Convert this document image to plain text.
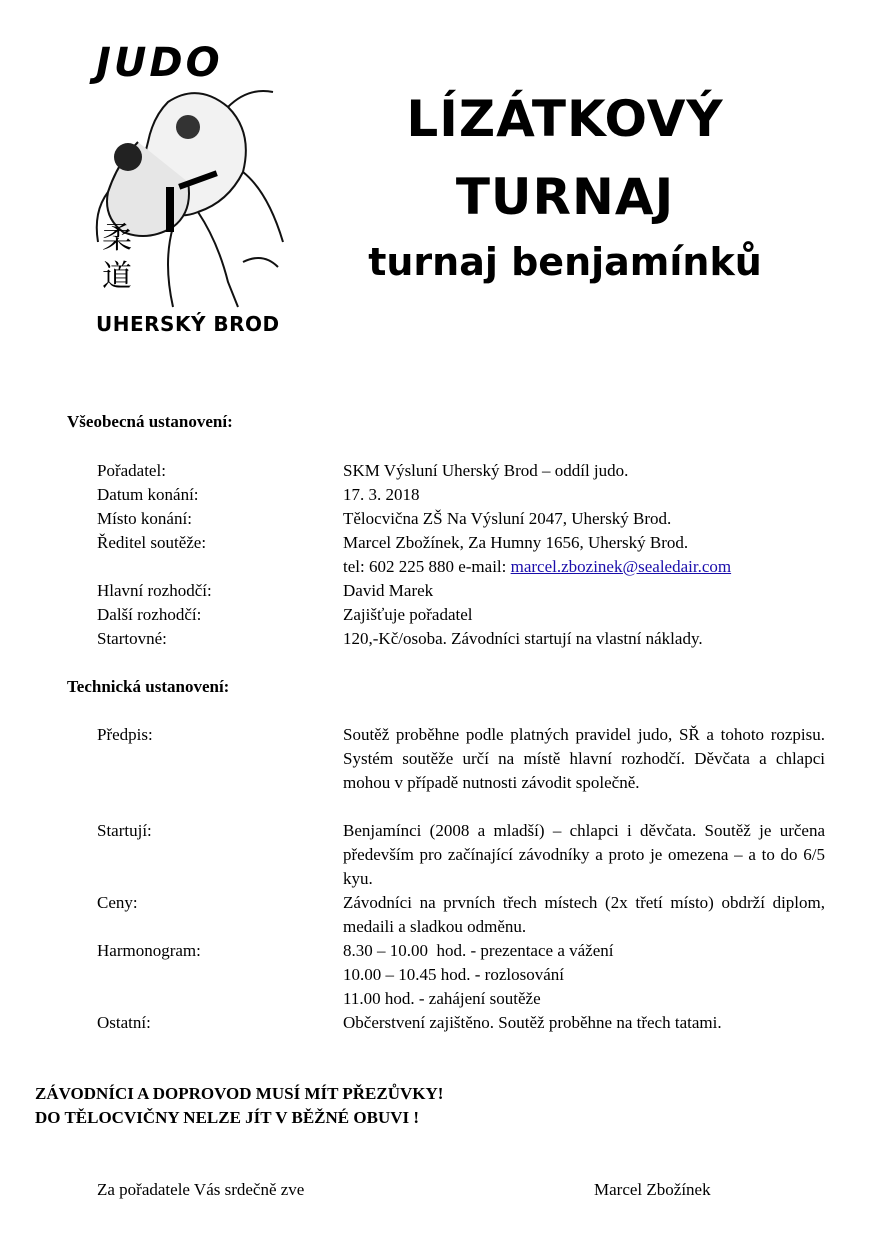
JUDO
柔
道
UHERSKÝ BROD
LÍZÁTKOVÝ
TURNAJ
turnaj benjamínků
Všeobecná ustanovení:
Pořadatel:	SKM Výsluní Uherský Brod – oddíl judo.
Datum konání:	17. 3. 2018
Místo konání:	Tělocvična ZŠ Na Výsluní 2047, Uherský Brod.
Ředitel soutěže:	Marcel Zbožínek, Za Humny 1656, Uherský Brod.
tel: 602 225 880 e-mail: marcel.zbozinek@sealedair.com
Hlavní rozhodčí:	David Marek
Další rozhodčí:	Zajišťuje pořadatel
Startovné:	120,-Kč/osoba. Závodníci startují na vlastní náklady.
Technická ustanovení:
Předpis:	Soutěž proběhne podle platných pravidel judo, SŘ a tohoto rozpisu. Systém soutěže určí na místě hlavní rozhodčí. Děvčata a chlapci mohou v případě nutnosti závodit společně.
Startují:	Benjamínci (2008 a mladší) – chlapci i děvčata. Soutěž je určena především pro začínající závodníky a proto je omezena – a to do 6/5 kyu.
Ceny:	Závodníci na prvních třech místech (2x třetí místo) obdrží diplom, medaili a sladkou odměnu.
Harmonogram:	8.30 – 10.00  hod. - prezentace a vážení
10.00 – 10.45 hod. - rozlosování
11.00 hod. - zahájení soutěže
Ostatní:	Občerstvení zajištěno. Soutěž proběhne na třech tatami.
ZÁVODNÍCI A DOPROVOD MUSÍ MÍT PŘEZŮVKY!
DO TĚLOCVIČNY NELZE JÍT V BĚŽNÉ OBUVI !
Za pořadatele Vás srdečně zve	Marcel Zbožínek
